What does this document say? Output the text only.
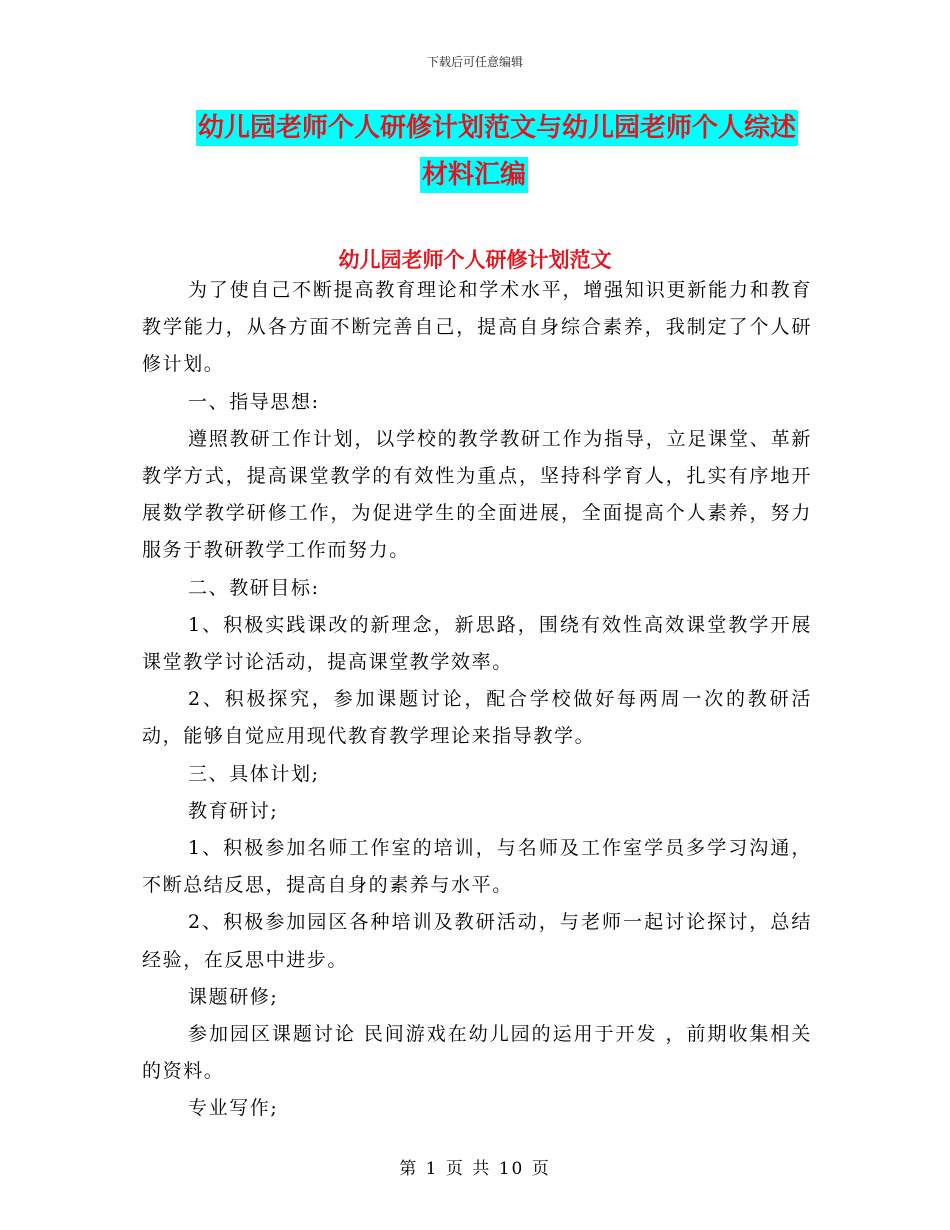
下载后可任意编辑
幼儿园老师个人研修计划范文与幼儿园老师个人综述
材料汇编
幼儿园老师个人研修计划范文

为了使自己不断提高教育理论和学术水平，增强知识更新能力和教育教学能力，从各方面不断完善自己，提高自身综合素养，我制定了个人研修计划。

一、指导思想:

遵照教研工作计划，以学校的教学教研工作为指导，立足课堂、革新教学方式，提高课堂教学的有效性为重点，坚持科学育人，扎实有序地开展数学教学研修工作，为促进学生的全面进展，全面提高个人素养，努力服务于教研教学工作而努力。

二、教研目标:

1、积极实践课改的新理念，新思路，围绕有效性高效课堂教学开展课堂教学讨论活动，提高课堂教学效率。

2、积极探究，参加课题讨论，配合学校做好每两周一次的教研活动，能够自觉应用现代教育教学理论来指导教学。

三、具体计划;

教育研讨;

1、积极参加名师工作室的培训，与名师及工作室学员多学习沟通，不断总结反思，提高自身的素养与水平。

2、积极参加园区各种培训及教研活动，与老师一起讨论探讨，总结经验，在反思中进步。

课题研修;

参加园区课题讨论 民间游戏在幼儿园的运用于开发 ，前期收集相关的资料。

专业写作;

第 1 页 共 10 页
